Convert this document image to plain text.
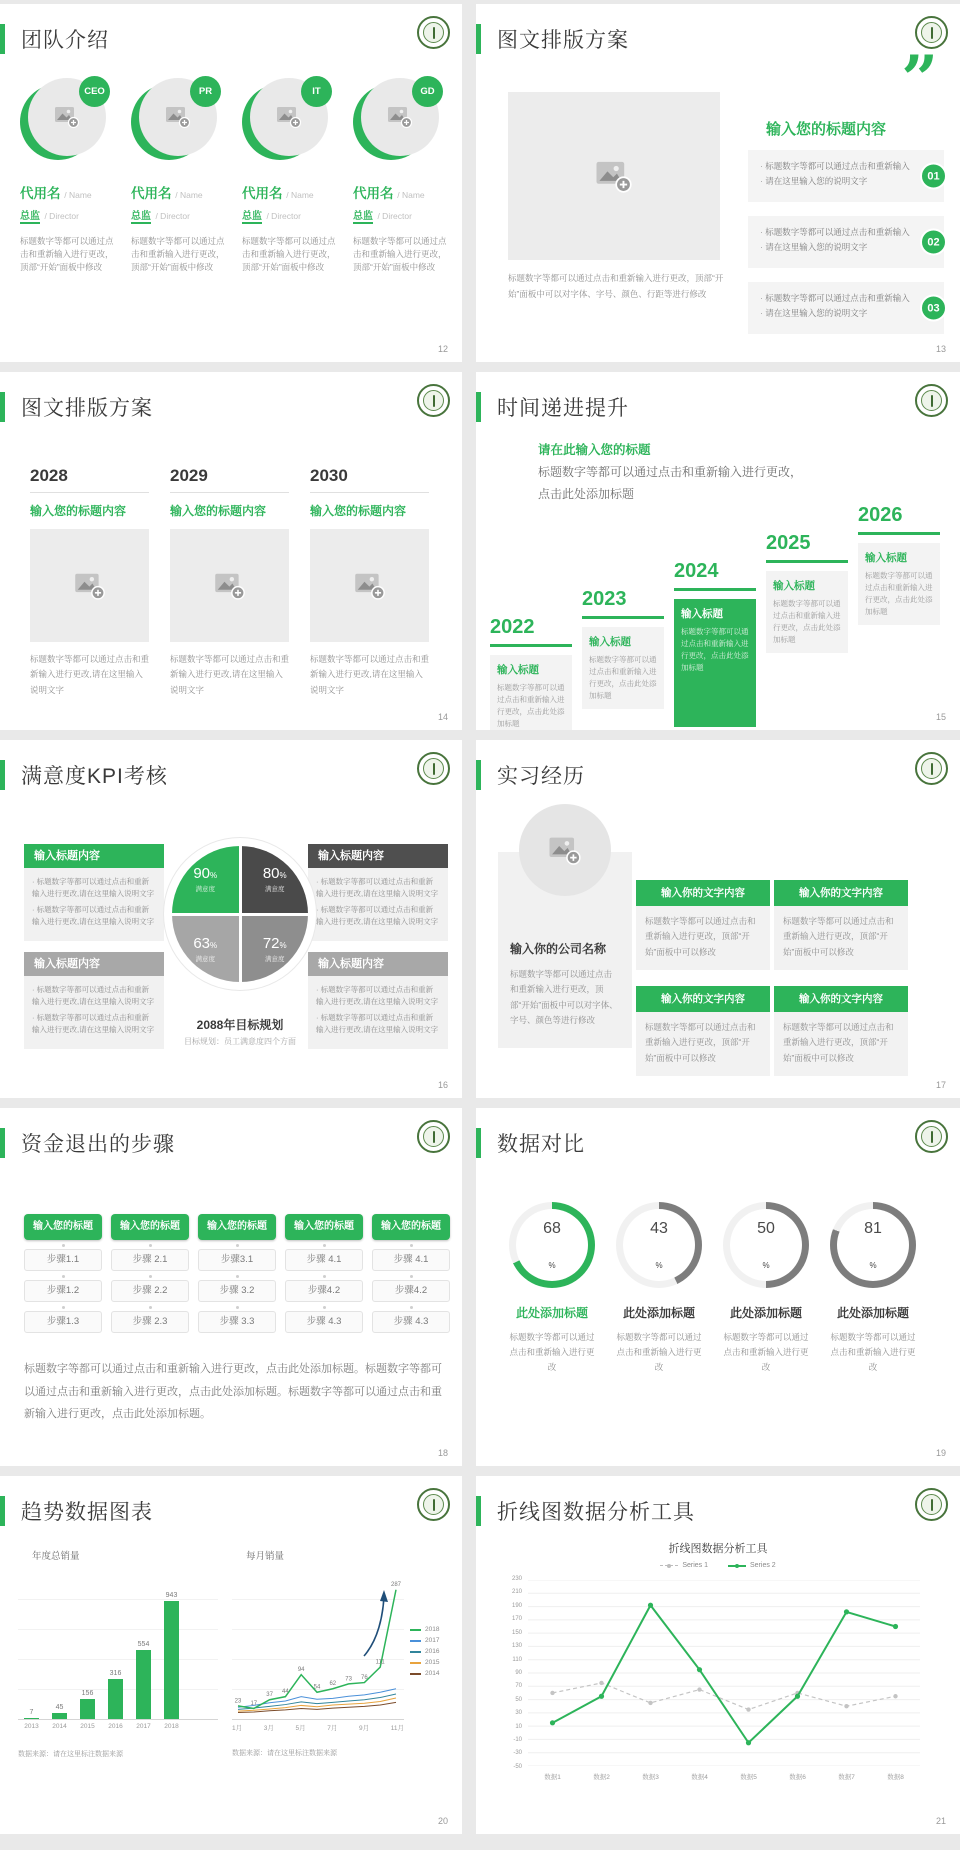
团队介绍
CEO
代用名 / Name
总监 / Director
标题数字等都可以通过点击和重新输入进行更改，顶部“开始”面板中修改
PR
代用名 / Name
总监 / Director
标题数字等都可以通过点击和重新输入进行更改，顶部“开始”面板中修改
IT
代用名 / Name
总监 / Director
标题数字等都可以通过点击和重新输入进行更改，顶部“开始”面板中修改
GD
代用名 / Name
总监 / Director
标题数字等都可以通过点击和重新输入进行更改，顶部“开始”面板中修改
12
图文排版方案

标题数字等都可以通过点击和重新输入进行更改，顶部“开始”面板中可以对字体、字号、颜色、行距等进行修改

”
输入您的标题内容

· 标题数字等都可以通过点击和重新输入

· 请在这里输入您的说明文字	01

· 标题数字等都可以通过点击和重新输入

· 请在这里输入您的说明文字	02

· 标题数字等都可以通过点击和重新输入

· 请在这里输入您的说明文字	03
13
图文排版方案
2028
输入您的标题内容
标题数字等都可以通过点击和重新输入进行更改,请在这里输入说明文字
2029
输入您的标题内容
标题数字等都可以通过点击和重新输入进行更改,请在这里输入说明文字
2030
输入您的标题内容
标题数字等都可以通过点击和重新输入进行更改,请在这里输入说明文字
14
时间递进提升
请在此输入您的标题

标题数字等都可以通过点击和重新输入进行更改，点击此处添加标题

2022
输入标题
标题数字等都可以通过点击和重新输入进行更改，点击此处添加标题
2023
输入标题
标题数字等都可以通过点击和重新输入进行更改，点击此处添加标题
2024
输入标题
标题数字等都可以通过点击和重新输入进行更改，点击此处添加标题
2025
输入标题
标题数字等都可以通过点击和重新输入进行更改，点击此处添加标题
2026
输入标题
标题数字等都可以通过点击和重新输入进行更改，点击此处添加标题
15
满意度KPI考核
输入标题内容

· 标题数字等都可以通过点击和重新输入进行更改,请在这里输入说明文字

· 标题数字等都可以通过点击和重新输入进行更改,请在这里输入说明文字

输入标题内容

· 标题数字等都可以通过点击和重新输入进行更改,请在这里输入说明文字

· 标题数字等都可以通过点击和重新输入进行更改,请在这里输入说明文字

输入标题内容

· 标题数字等都可以通过点击和重新输入进行更改,请在这里输入说明文字

· 标题数字等都可以通过点击和重新输入进行更改,请在这里输入说明文字

输入标题内容

· 标题数字等都可以通过点击和重新输入进行更改,请在这里输入说明文字

· 标题数字等都可以通过点击和重新输入进行更改,请在这里输入说明文字

90%
满意度
80%
满意度
63%
满意度
72%
满意度
2088年目标规划
目标规划：员工满意度四个方面
16
实习经历
输入你的公司名称
标题数字等都可以通过点击和重新输入进行更改，顶部“开始”面板中可以对字体、字号、颜色等进行修改
输入你的文字内容
标题数字等都可以通过点击和重新输入进行更改，顶部“开始”面板中可以修改
输入你的文字内容
标题数字等都可以通过点击和重新输入进行更改，顶部“开始”面板中可以修改
输入你的文字内容
标题数字等都可以通过点击和重新输入进行更改，顶部“开始”面板中可以修改
输入你的文字内容
标题数字等都可以通过点击和重新输入进行更改，顶部“开始”面板中可以修改
17
资金退出的步骤
输入您的标题
步骤1.1
步骤1.2
步骤1.3
输入您的标题
步骤 2.1
步骤 2.2
步骤 2.3
输入您的标题
步骤3.1
步骤 3.2
步骤 3.3
输入您的标题
步骤 4.1
步骤4.2
步骤 4.3
输入您的标题
步骤 4.1
步骤4.2
步骤 4.3

标题数字等都可以通过点击和重新输入进行更改，点击此处添加标题。标题数字等都可以通过点击和重新输入进行更改，点击此处添加标题。标题数字等都可以通过点击和重新输入进行更改，点击此处添加标题。

18
数据对比
68
%
此处添加标题
标题数字等都可以通过点击和重新输入进行更改
43
%
此处添加标题
标题数字等都可以通过点击和重新输入进行更改
50
%
此处添加标题
标题数字等都可以通过点击和重新输入进行更改
81
%
此处添加标题
标题数字等都可以通过点击和重新输入进行更改
19
趋势数据图表
年度总销量
7
45
156
316
554
943
2013 2014 2015 2016 2017 2018
数据来源：请在这里标注数据来源
每月销量
23 17
37
44
94
54
62
73 76
111
287
1月	3月	5月	7月	9月	11月
2018
2017
2016
2015
2014
数据来源：请在这里标注数据来源
20
折线图数据分析工具
折线图数据分析工具
Series 1	Series 2
230
210
190
170
150
130
110
90
70
50
30
10
-10
-30
-50
数据1	数据2	数据3	数据4	数据5	数据6	数据7	数据8
21
